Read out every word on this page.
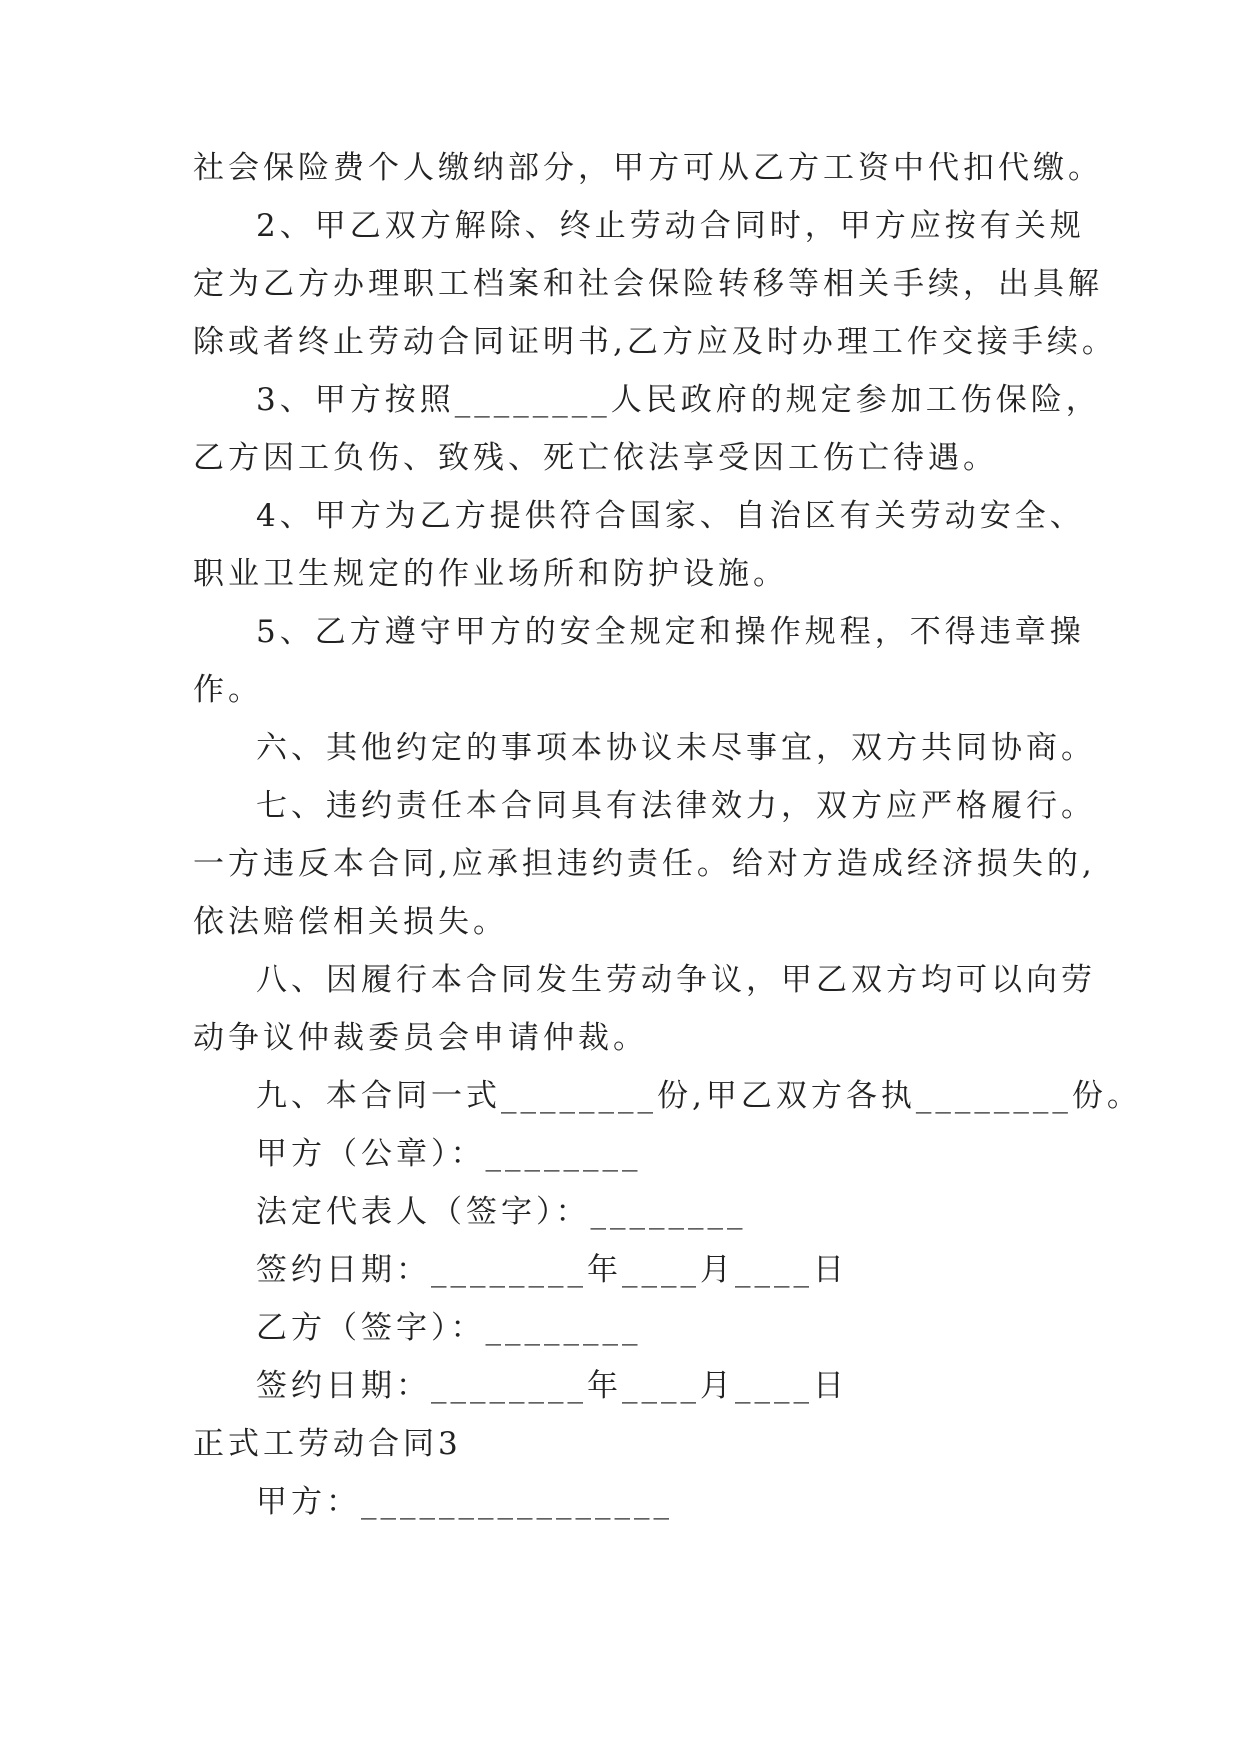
社会保险费个人缴纳部分，甲方可从乙方工资中代扣代缴。
2、甲乙双方解除、终止劳动合同时，甲方应按有关规
定为乙方办理职工档案和社会保险转移等相关手续，出具解
除或者终止劳动合同证明书,乙方应及时办理工作交接手续。
3、甲方按照________人民政府的规定参加工伤保险，
乙方因工负伤、致残、死亡依法享受因工伤亡待遇。
4、甲方为乙方提供符合国家、自治区有关劳动安全、
职业卫生规定的作业场所和防护设施。
5、乙方遵守甲方的安全规定和操作规程，不得违章操
作。
六、其他约定的事项本协议未尽事宜，双方共同协商。
七、违约责任本合同具有法律效力，双方应严格履行。
一方违反本合同,应承担违约责任。给对方造成经济损失的,
依法赔偿相关损失。
八、因履行本合同发生劳动争议，甲乙双方均可以向劳
动争议仲裁委员会申请仲裁。
九、本合同一式________份,甲乙双方各执________份。
甲方（公章）：________
法定代表人（签字）：________
签约日期：________年____月____日
乙方（签字）：________
签约日期：________年____月____日
正式工劳动合同3
甲方：________________
